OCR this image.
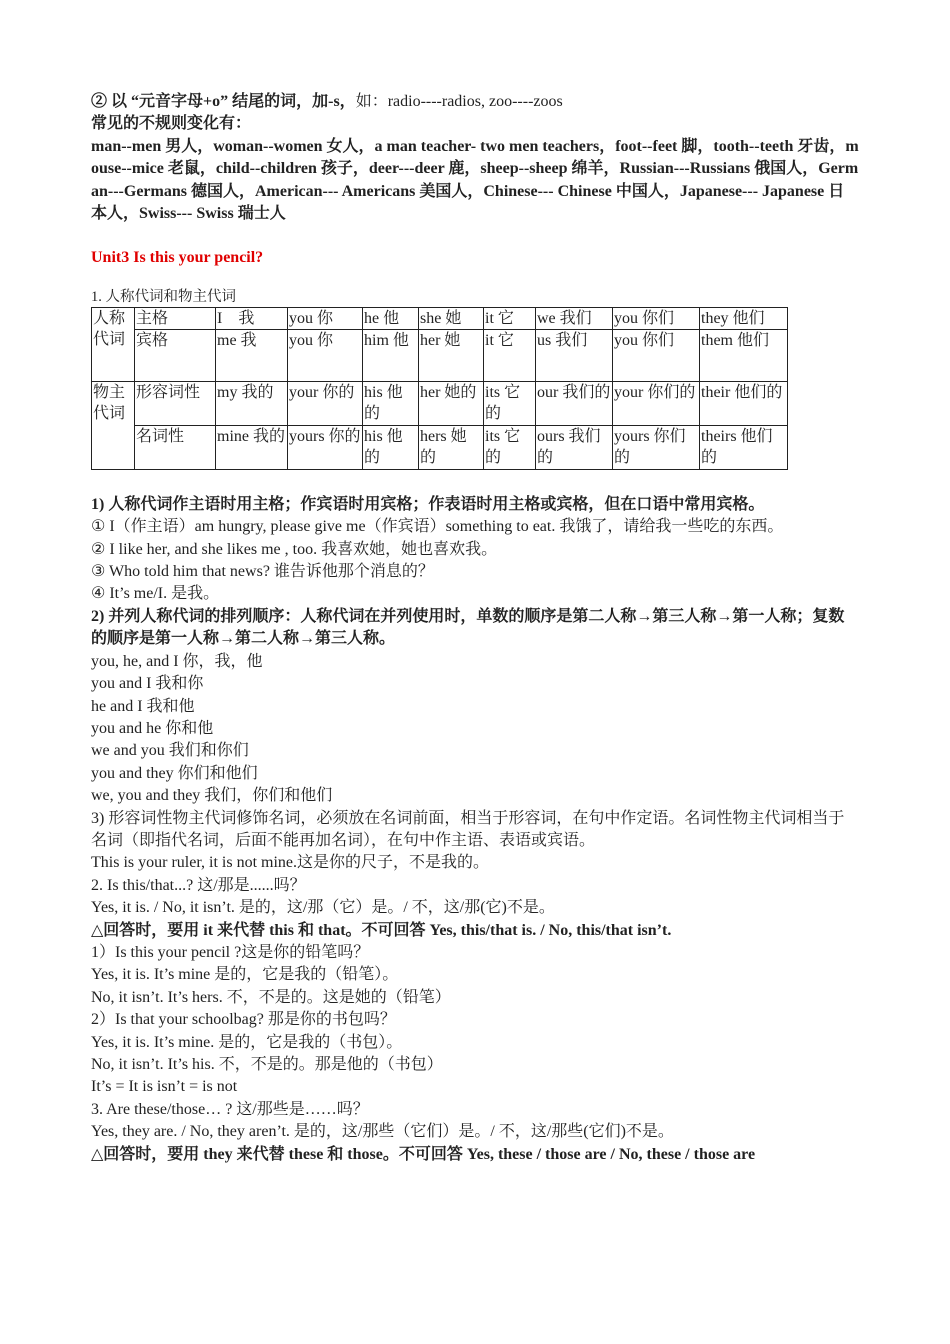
② 以 “元音字母+o” 结尾的词，加-s，如：radio----radios, zoo----zoos
常见的不规则变化有：
man--men 男人，woman--women 女人，a man teacher- two men teachers，foot--feet 脚，tooth--teeth 牙齿，mouse--mice 老鼠，child--children 孩子，deer---deer 鹿，sheep--sheep 绵羊，Russian---Russians 俄国人，German---Germans 德国人，American--- Americans 美国人，Chinese--- Chinese 中国人，Japanese--- Japanese 日本人，Swiss--- Swiss 瑞士人
Unit3 Is this your pencil?
1. 人称代词和物主代词
人称代词	主格	I　我	you 你	he 他	she 她	it 它	we 我们	you 你们	they 他们
	宾格	me 我	you 你	him 他	her 她	it 它	us 我们	you 你们	them 他们
物主代词	形容词性	my 我的	your 你的	his 他的	her 她的	its 它的	our 我们的	your 你们的	their 他们的
	名词性	mine 我的	yours 你的	his 他的	hers 她的	its 它的	ours 我们的	yours 你们的	theirs 他们的
1) 人称代词作主语时用主格；作宾语时用宾格；作表语时用主格或宾格，但在口语中常用宾格。
① I（作主语）am hungry, please give me（作宾语）something to eat. 我饿了，请给我一些吃的东西。
② I like her, and she likes me , too. 我喜欢她，她也喜欢我。
③ Who told him that news? 谁告诉他那个消息的？
④ It’s me/I. 是我。
2) 并列人称代词的排列顺序：人称代词在并列使用时，单数的顺序是第二人称→第三人称→第一人称；复数的顺序是第一人称→第二人称→第三人称。
you, he, and I 你，我，他
you and I 我和你
he and I 我和他
you and he 你和他
we and you 我们和你们
you and they 你们和他们
we, you and they 我们，你们和他们
3) 形容词性物主代词修饰名词，必须放在名词前面，相当于形容词，在句中作定语。名词性物主代词相当于名词（即指代名词，后面不能再加名词），在句中作主语、表语或宾语。
This is your ruler, it is not mine.这是你的尺子，不是我的。
2. Is this/that...? 这/那是......吗？
Yes, it is. / No, it isn’t. 是的，这/那（它）是。/ 不，这/那(它)不是。
△回答时，要用 it 来代替 this 和 that。不可回答 Yes, this/that is. / No, this/that isn’t.
1）Is this your pencil ?这是你的铅笔吗？
Yes, it is. It’s mine 是的，它是我的（铅笔）。
No, it isn’t. It’s hers. 不，不是的。这是她的（铅笔）
2）Is that your schoolbag? 那是你的书包吗？
Yes, it is. It’s mine. 是的，它是我的（书包）。
No, it isn’t. It’s his. 不，不是的。那是他的（书包）
It’s = It is isn’t = is not
3. Are these/those… ? 这/那些是……吗？
Yes, they are. / No, they aren’t. 是的，这/那些（它们）是。/ 不，这/那些(它们)不是。
△回答时，要用 they 来代替 these 和 those。不可回答 Yes, these / those are / No, these / those are
